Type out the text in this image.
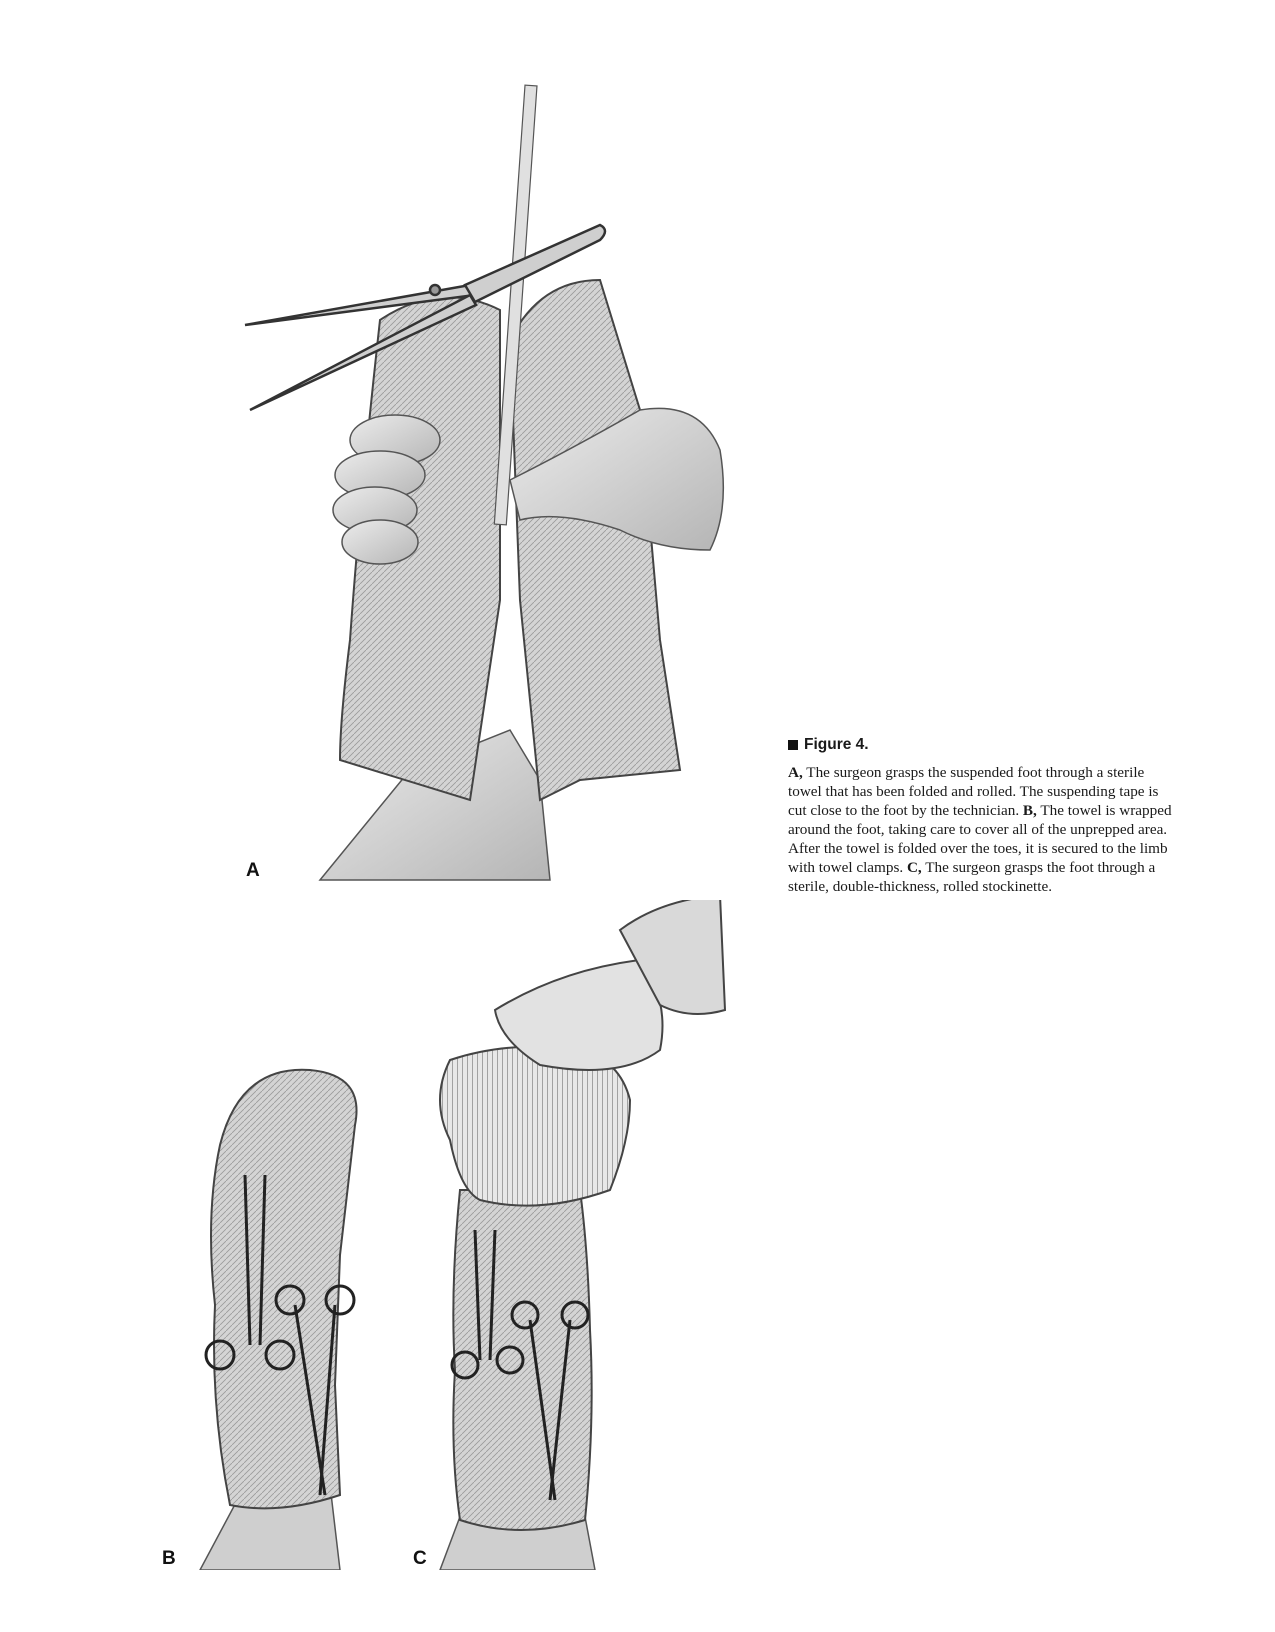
A
B	C
Figure 4.
A, The surgeon grasps the suspended foot through a sterile towel that has been folded and rolled. The suspending tape is cut close to the foot by the technician. B, The towel is wrapped around the foot, taking care to cover all of the unprepped area. After the towel is folded over the toes, it is secured to the limb with towel clamps. C, The surgeon grasps the foot through a sterile, double-thickness, rolled stockinette.
